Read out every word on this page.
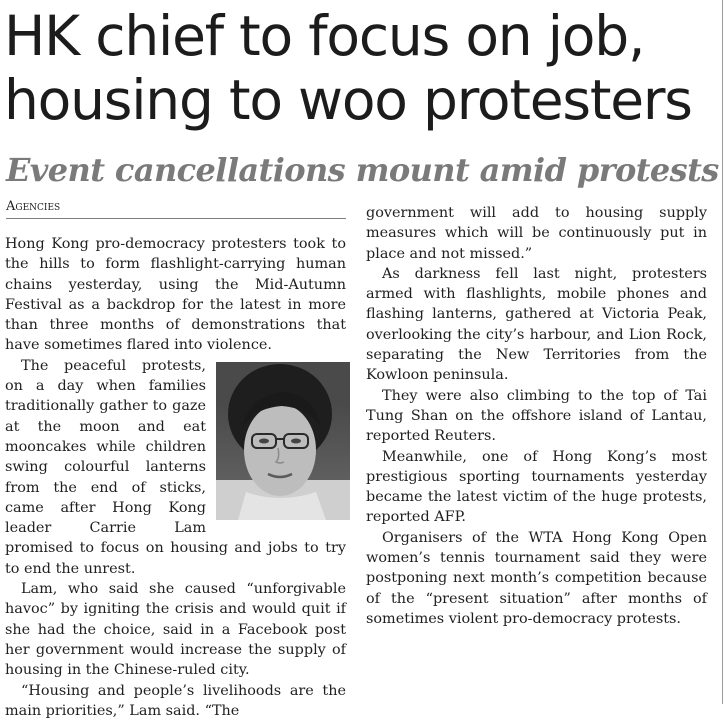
HK chief to focus on job,
housing to woo protesters
Event cancellations mount amid protests
Agencies

Hong Kong pro-democracy protesters took to the hills to form flashlight-carrying human chains yesterday, using the Mid-Autumn Festival as a backdrop for the latest in more than three months of demonstrations that have sometimes flared into violence.

The peaceful protests, on a day when families traditionally gather to gaze at the moon and eat mooncakes while children swing colourful lanterns from the end of sticks, came after Hong Kong leader Carrie Lam promised to focus on housing and jobs to try to end the unrest.

Lam, who said she caused “unforgivable havoc” by igniting the crisis and would quit if she had the choice, said in a Facebook post her government would increase the supply of housing in the Chinese-ruled city.

“Housing and people’s livelihoods are the main priorities,” Lam said. “The

government will add to housing supply measures which will be continuously put in place and not missed.”

As darkness fell last night, protesters armed with flashlights, mobile phones and flashing lanterns, gathered at Victoria Peak, overlooking the city’s harbour, and Lion Rock, separating the New Territories from the Kowloon peninsula.

They were also climbing to the top of Tai Tung Shan on the offshore island of Lantau, reported Reuters.

Meanwhile, one of Hong Kong’s most prestigious sporting tournaments yesterday became the latest victim of the huge protests, reported AFP.

Organisers of the WTA Hong Kong Open women’s tennis tournament said they were postponing next month’s competition because of the “present situation” after months of sometimes violent pro-democracy protests.
